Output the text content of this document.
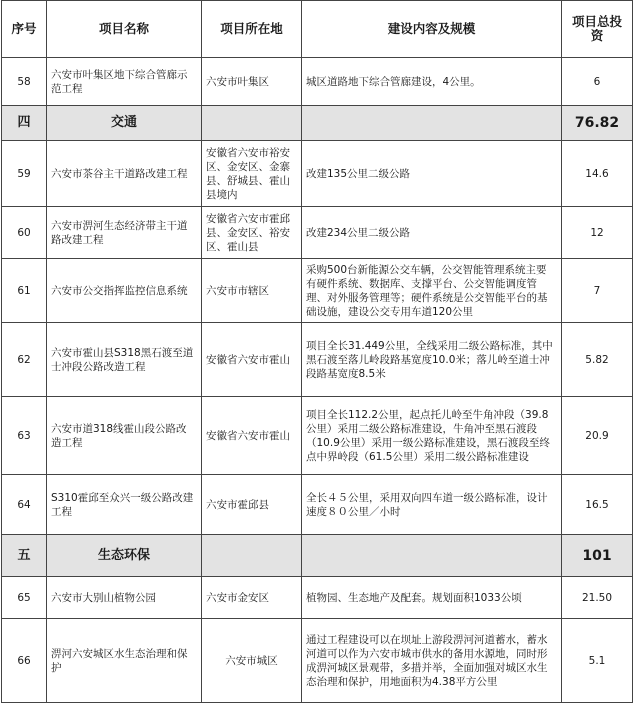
序号	项目名称	项目所在地	建设内容及规模	项目总投资
58	六安市叶集区地下综合管廊示范工程	六安市叶集区	城区道路地下综合管廊建设，4公里。	6
四	交通			76.82
59	六安市茶谷主干道路改建工程	安徽省六安市裕安区、金安区、金寨县、舒城县、霍山县境内	改建135公里二级公路	14.6
60	六安市淠河生态经济带主干道路改建工程	安徽省六安市霍邱县、金安区、裕安区、霍山县	改建234公里二级公路	12
61	六安市公交指挥监控信息系统	六安市市辖区	采购500台新能源公交车辆，公交智能管理系统主要有硬件系统、数据库、支撑平台、公交智能调度管理、对外服务管理等；硬件系统是公交智能平台的基础设施，建设公交专用车道120公里	7
62	六安市霍山县S318黑石渡至道士冲段公路改造工程	安徽省六安市霍山	项目全长31.449公里，全线采用二级公路标准，其中黑石渡至落儿岭段路基宽度10.0米；落儿岭至道士冲段路基宽度8.5米	5.82
63	六安市道318线霍山段公路改造工程	安徽省六安市霍山	项目全长112.2公里，起点托儿岭至牛角冲段（39.8公里）采用二级公路标准建设，牛角冲至黑石渡段（10.9公里）采用一级公路标准建设，黑石渡段至终点中界岭段（61.5公里）采用二级公路标准建设	20.9
64	S310霍邱至众兴一级公路改建工程	六安市霍邱县	全长４５公里，采用双向四车道一级公路标准，设计速度８０公里／小时	16.5
五	生态环保			101
65	六安市大别山植物公园	六安市金安区	植物园、生态地产及配套。规划面积1033公顷	21.50
66	淠河六安城区水生态治理和保护	六安市城区	通过工程建设可以在坝址上游段淠河河道蓄水，蓄水河道可以作为六安市城市供水的备用水源地，同时形成淠河城区景观带，多措并举，全面加强对城区水生态治理和保护，用地面积为4.38平方公里	5.1
